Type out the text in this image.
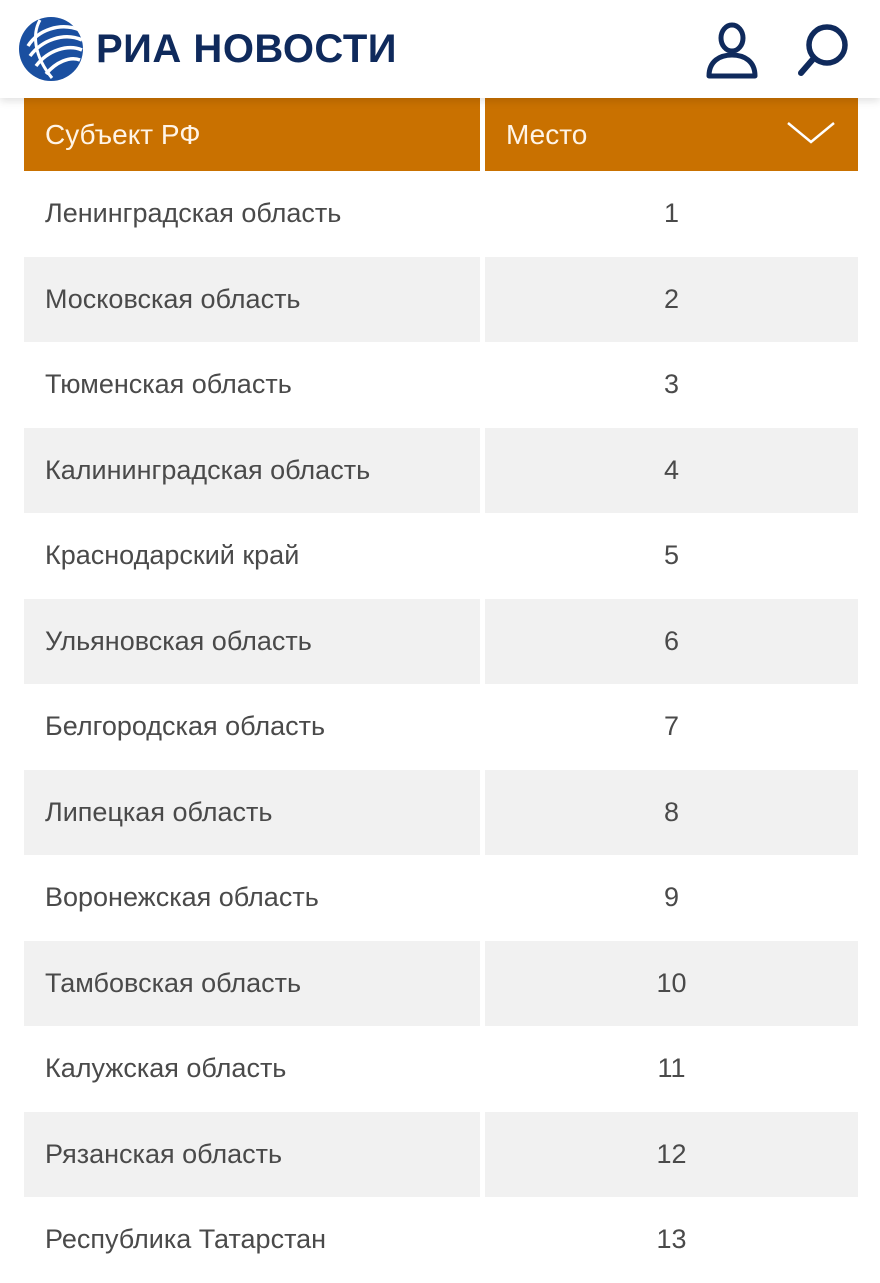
РИА НОВОСТИ
Субъект РФ	Место
Ленинградская область	1
Московская область	2
Тюменская область	3
Калининградская область	4
Краснодарский край	5
Ульяновская область	6
Белгородская область	7
Липецкая область	8
Воронежская область	9
Тамбовская область	10
Калужская область	11
Рязанская область	12
Республика Татарстан	13
